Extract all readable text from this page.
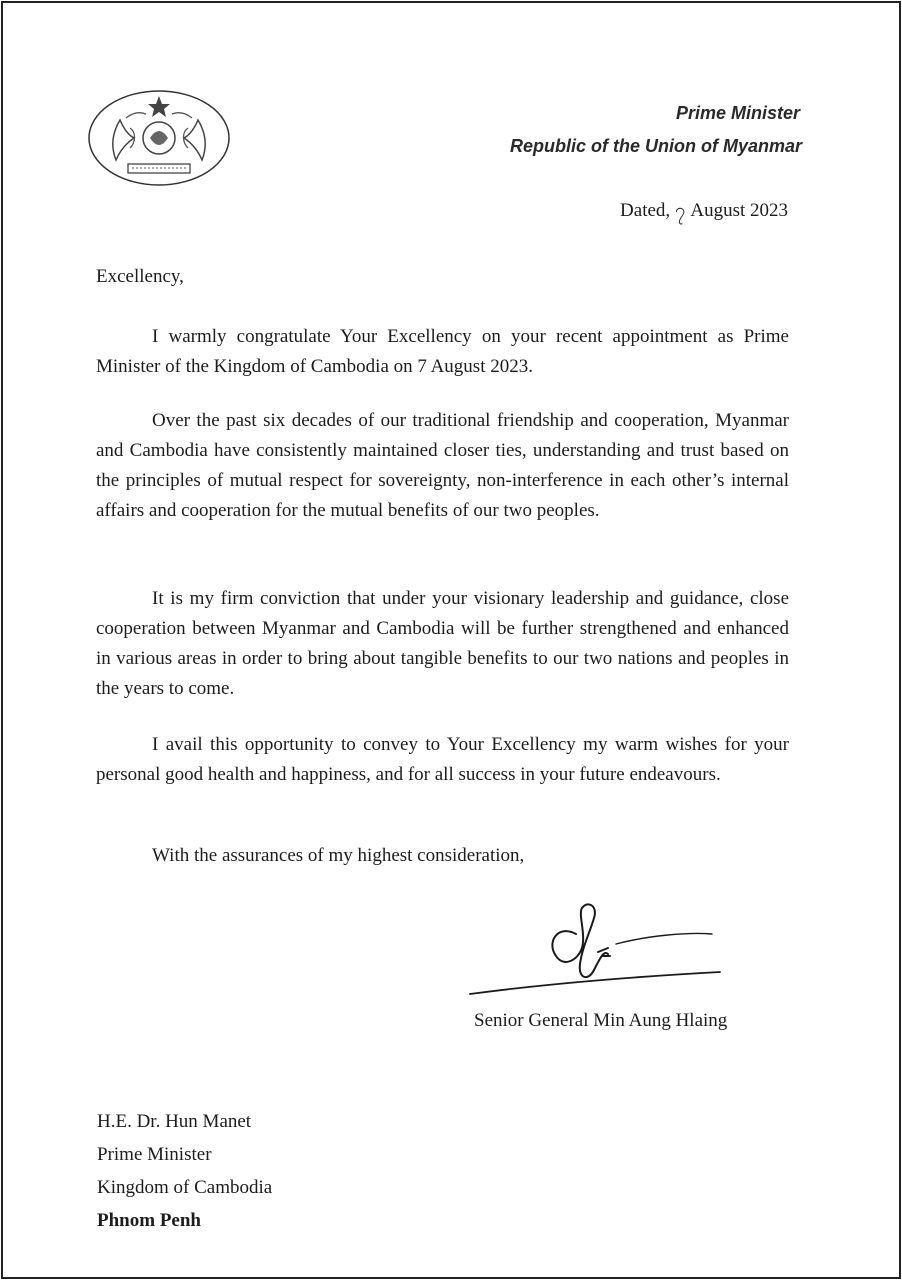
Prime Minister
Republic of the Union of Myanmar
Dated, ၇ August 2023
Excellency,

I warmly congratulate Your Excellency on your recent appointment as Prime Minister of the Kingdom of Cambodia on 7 August 2023.

Over the past six decades of our traditional friendship and cooperation, Myanmar and Cambodia have consistently maintained closer ties, understanding and trust based on the principles of mutual respect for sovereignty, non-interference in each other’s internal affairs and cooperation for the mutual benefits of our two peoples.

It is my firm conviction that under your visionary leadership and guidance, close cooperation between Myanmar and Cambodia will be further strengthened and enhanced in various areas in order to bring about tangible benefits to our two nations and peoples in the years to come.

I avail this opportunity to convey to Your Excellency my warm wishes for your personal good health and happiness, and for all success in your future endeavours.

With the assurances of my highest consideration,
Senior General Min Aung Hlaing
H.E. Dr. Hun Manet
Prime Minister
Kingdom of Cambodia
Phnom Penh
